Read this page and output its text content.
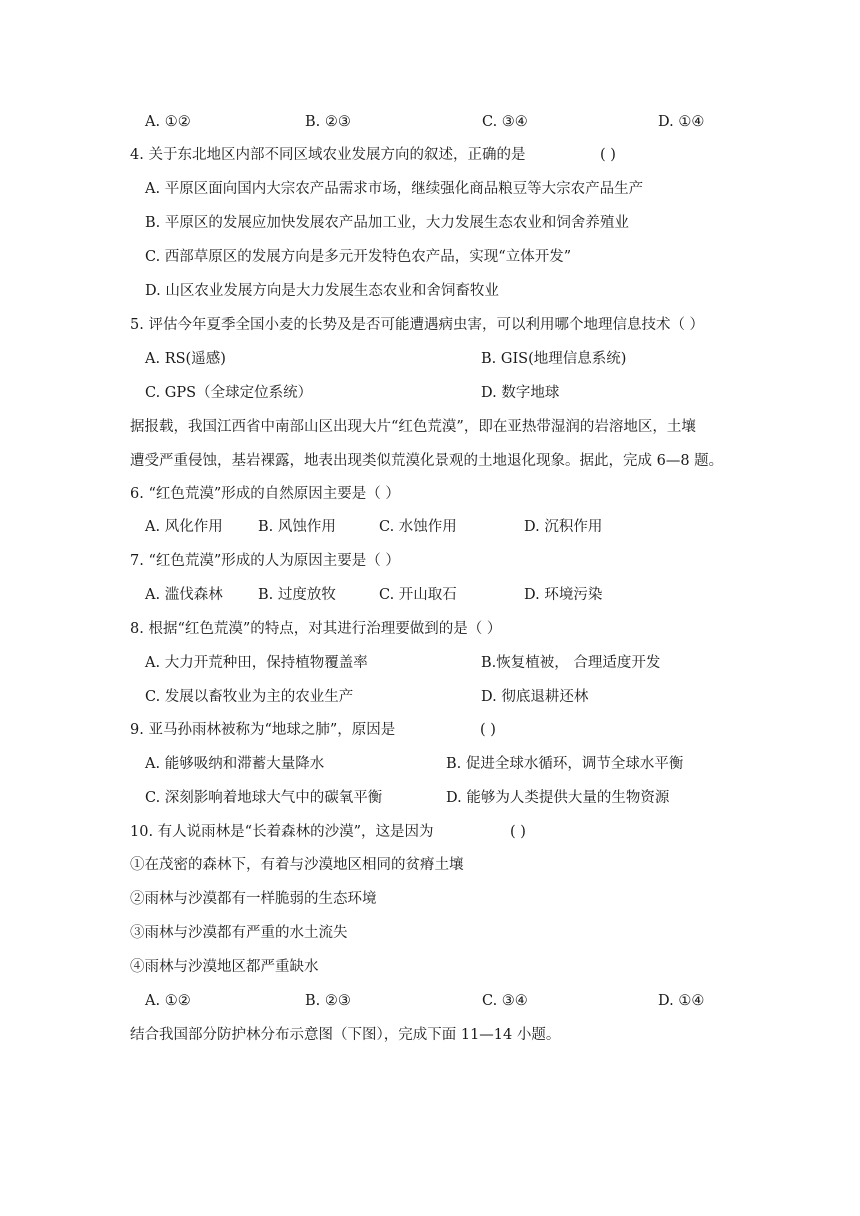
A. ①②	B. ②③	C. ③④	D. ①④
4. 关于东北地区内部不同区域农业发展方向的叙述，正确的是	( )
A. 平原区面向国内大宗农产品需求市场，继续强化商品粮豆等大宗农产品生产
B. 平原区的发展应加快发展农产品加工业，大力发展生态农业和饲舍养殖业
C. 西部草原区的发展方向是多元开发特色农产品，实现“立体开发”
D. 山区农业发展方向是大力发展生态农业和舍饲畜牧业
5. 评估今年夏季全国小麦的长势及是否可能遭遇病虫害，可以利用哪个地理信息技术（ ）
A. RS(遥感)	B. GIS(地理信息系统)
C. GPS（全球定位系统）	D. 数字地球
据报载，我国江西省中南部山区出现大片“红色荒漠”，即在亚热带湿润的岩溶地区，土壤
遭受严重侵蚀，基岩裸露，地表出现类似荒漠化景观的土地退化现象。据此，完成 6—8 题。
6. “红色荒漠”形成的自然原因主要是（ ）
A. 风化作用 B. 风蚀作用	C. 水蚀作用	D. 沉积作用
7. “红色荒漠”形成的人为原因主要是（ ）
A. 滥伐森林 B. 过度放牧	C. 开山取石	D. 环境污染
8. 根据“红色荒漠”的特点，对其进行治理要做到的是（ ）
A. 大力开荒种田，保持植物覆盖率	B.恢复植被， 合理适度开发
C. 发展以畜牧业为主的农业生产	D. 彻底退耕还林
9. 亚马孙雨林被称为“地球之肺”，原因是	( )
A. 能够吸纳和滞蓄大量降水	B. 促进全球水循环，调节全球水平衡
C. 深刻影响着地球大气中的碳氧平衡	D. 能够为人类提供大量的生物资源
10. 有人说雨林是“长着森林的沙漠”，这是因为	( )
①在茂密的森林下，有着与沙漠地区相同的贫瘠土壤
②雨林与沙漠都有一样脆弱的生态环境
③雨林与沙漠都有严重的水土流失
④雨林与沙漠地区都严重缺水
A. ①②	B. ②③	C. ③④	D. ①④
结合我国部分防护林分布示意图（下图），完成下面 11—14 小题。
